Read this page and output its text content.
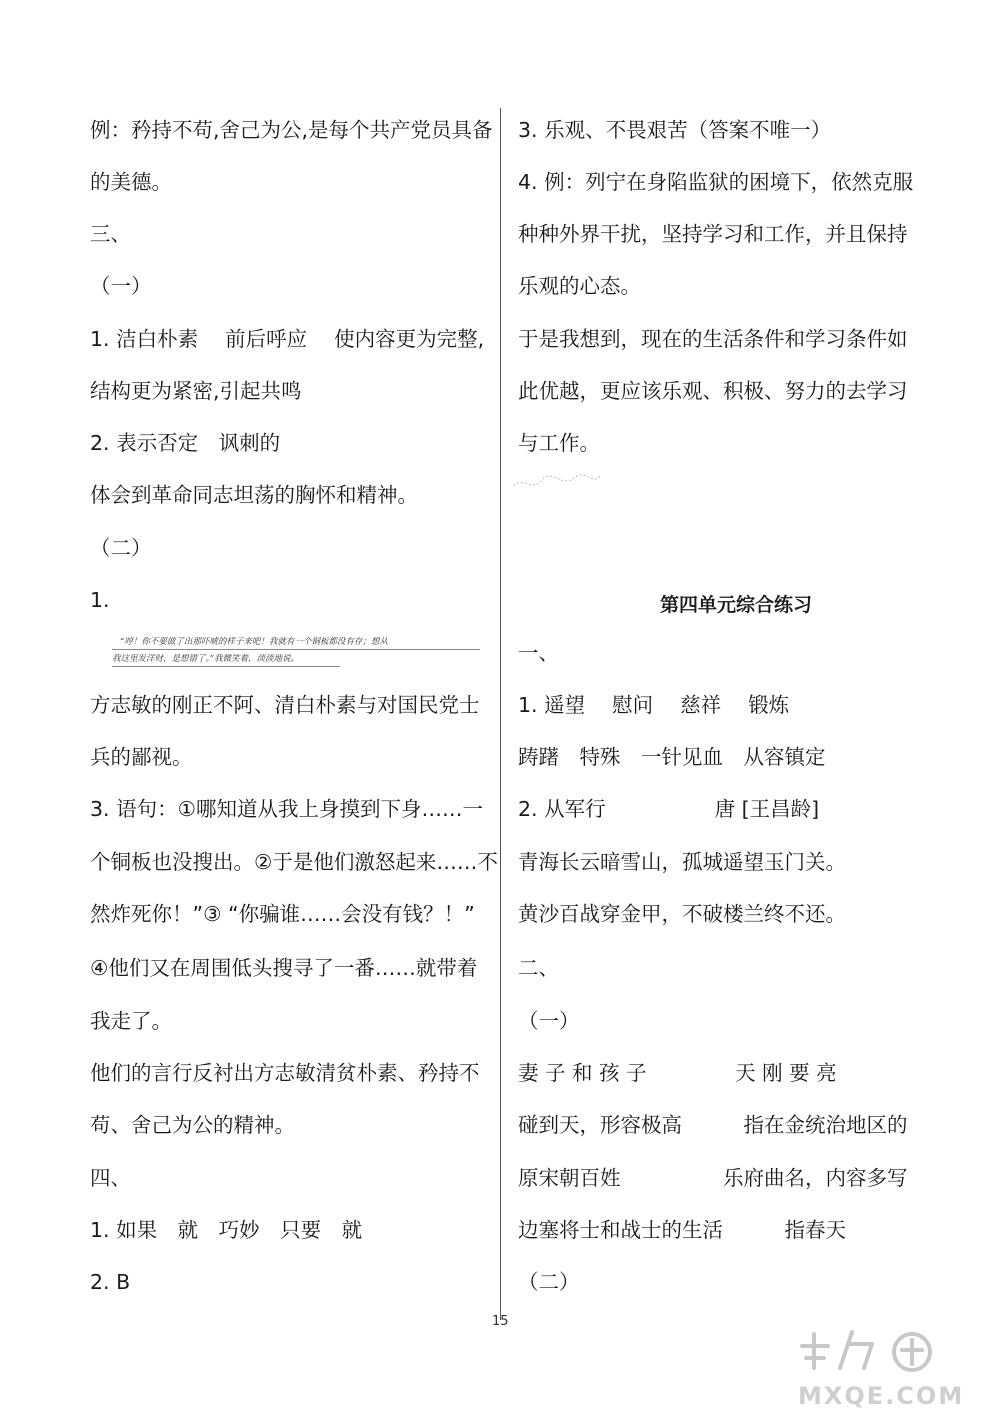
例：矜持不苟,舍己为公,是每个共产党员具备
的美德。
三、
（一）
1. 洁白朴素　 前后呼应　 使内容更为完整,
结构更为紧密,引起共鸣
2. 表示否定　讽刺的
体会到革命同志坦荡的胸怀和精神。
（二）
1.
方志敏的刚正不阿、清白朴素与对国民党士
兵的鄙视。
3. 语句：①哪知道从我上身摸到下身……一
个铜板也没搜出。②于是他们激怒起来……不
然炸死你！”③ “你骗谁……会没有钱？！”
④他们又在周围低头搜寻了一番……就带着
我走了。
他们的言行反衬出方志敏清贫朴素、矜持不
苟、舍己为公的精神。
四、
1. 如果　就　巧妙　只要　就
2. B
“哼！你不要做了出那吓唬的样子来吧！我就有一个铜板都没有存；想从
我这里发洋财，是想错了。”我微笑着，淡淡地说。
3. 乐观、不畏艰苦（答案不唯一）
4. 例：列宁在身陷监狱的困境下，依然克服
种种外界干扰，坚持学习和工作，并且保持
乐观的心态。
于是我想到，现在的生活条件和学习条件如
此优越，更应该乐观、积极、努力的去学习
与工作。
一、
1. 遥望　 慰问　 慈祥　 锻炼
踌躇　特殊　一针见血　从容镇定
2. 从军行　　　　　 唐 [王昌龄]
青海长云暗雪山，孤城遥望玉门关。
黄沙百战穿金甲，不破楼兰终不还。
二、
（一）
妻 子 和 孩 子　　　　 天 刚 要 亮
碰到天，形容极高　　　指在金统治地区的
原宋朝百姓　　　　　乐府曲名，内容多写
边塞将士和战士的生活　　　指春天
（二）
第四单元综合练习
15
MXQE.COM
